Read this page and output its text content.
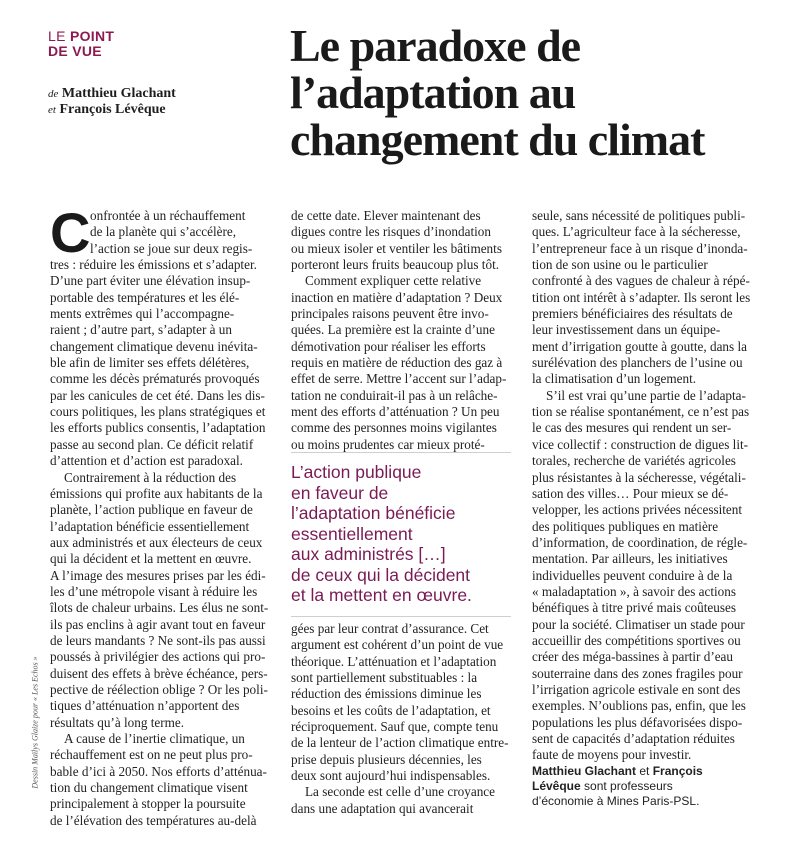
LE POINT
DE VUE
de Matthieu Glachant
et François Lévêque
Le paradoxe de
l’adaptation au
changement du climat
Dessin Maïlys Glaize pour « Les Echos »
C onfrontée à un réchauffement

de la planète qui s’accélère,

l’action se joue sur deux regis-

tres : réduire les émissions et s’adapter.

D’une part éviter une élévation insup-

portable des températures et les élé-

ments extrêmes qui l’accompagne-

raient ; d’autre part, s’adapter à un

changement climatique devenu inévita-

ble afin de limiter ses effets délétères,

comme les décès prématurés provoqués

par les canicules de cet été. Dans les dis-

cours politiques, les plans stratégiques et

les efforts publics consentis, l’adaptation

passe au second plan. Ce déficit relatif

d’attention et d’action est paradoxal.

Contrairement à la réduction des

émissions qui profite aux habitants de la

planète, l’action publique en faveur de

l’adaptation bénéficie essentiellement

aux administrés et aux électeurs de ceux

qui la décident et la mettent en œuvre.

A l’image des mesures prises par les édi-

les d’une métropole visant à réduire les

îlots de chaleur urbains. Les élus ne sont-

ils pas enclins à agir avant tout en faveur

de leurs mandants ? Ne sont-ils pas aussi

poussés à privilégier des actions qui pro-

duisent des effets à brève échéance, pers-

pective de réélection oblige ? Or les poli-

tiques d’atténuation n’apportent des

résultats qu’à long terme.

A cause de l’inertie climatique, un

réchauffement est on ne peut plus pro-

bable d’ici à 2050. Nos efforts d’atténua-

tion du changement climatique visent

principalement à stopper la poursuite

de l’élévation des températures au-delà

de cette date. Elever maintenant des

digues contre les risques d’inondation

ou mieux isoler et ventiler les bâtiments

porteront leurs fruits beaucoup plus tôt.

Comment expliquer cette relative

inaction en matière d’adaptation ? Deux

principales raisons peuvent être invo-

quées. La première est la crainte d’une

démotivation pour réaliser les efforts

requis en matière de réduction des gaz à

effet de serre. Mettre l’accent sur l’adap-

tation ne conduirait-il pas à un relâche-

ment des efforts d’atténuation ? Un peu

comme des personnes moins vigilantes

ou moins prudentes car mieux proté-

L’action publique

en faveur de

l’adaptation bénéficie

essentiellement

aux administrés […]

de ceux qui la décident

et la mettent en œuvre.

gées par leur contrat d’assurance. Cet

argument est cohérent d’un point de vue

théorique. L’atténuation et l’adaptation

sont partiellement substituables : la

réduction des émissions diminue les

besoins et les coûts de l’adaptation, et

réciproquement. Sauf que, compte tenu

de la lenteur de l’action climatique entre-

prise depuis plusieurs décennies, les

deux sont aujourd’hui indispensables.

La seconde est celle d’une croyance

dans une adaptation qui avancerait

seule, sans nécessité de politiques publi-

ques. L’agriculteur face à la sécheresse,

l’entrepreneur face à un risque d’inonda-

tion de son usine ou le particulier

confronté à des vagues de chaleur à répé-

tition ont intérêt à s’adapter. Ils seront les

premiers bénéficiaires des résultats de

leur investissement dans un équipe-

ment d’irrigation goutte à goutte, dans la

surélévation des planchers de l’usine ou

la climatisation d’un logement.

S’il est vrai qu’une partie de l’adapta-

tion se réalise spontanément, ce n’est pas

le cas des mesures qui rendent un ser-

vice collectif : construction de digues lit-

torales, recherche de variétés agricoles

plus résistantes à la sécheresse, végétali-

sation des villes… Pour mieux se dé-

velopper, les actions privées nécessitent

des politiques publiques en matière

d’information, de coordination, de régle-

mentation. Par ailleurs, les initiatives

individuelles peuvent conduire à de la

« maladaptation », à savoir des actions

bénéfiques à titre privé mais coûteuses

pour la société. Climatiser un stade pour

accueillir des compétitions sportives ou

créer des méga-bassines à partir d’eau

souterraine dans des zones fragiles pour

l’irrigation agricole estivale en sont des

exemples. N’oublions pas, enfin, que les

populations les plus défavorisées dispo-

sent de capacités d’adaptation réduites

faute de moyens pour investir.

Matthieu Glachant et François
Lévêque sont professeurs
d’économie à Mines Paris-PSL.
